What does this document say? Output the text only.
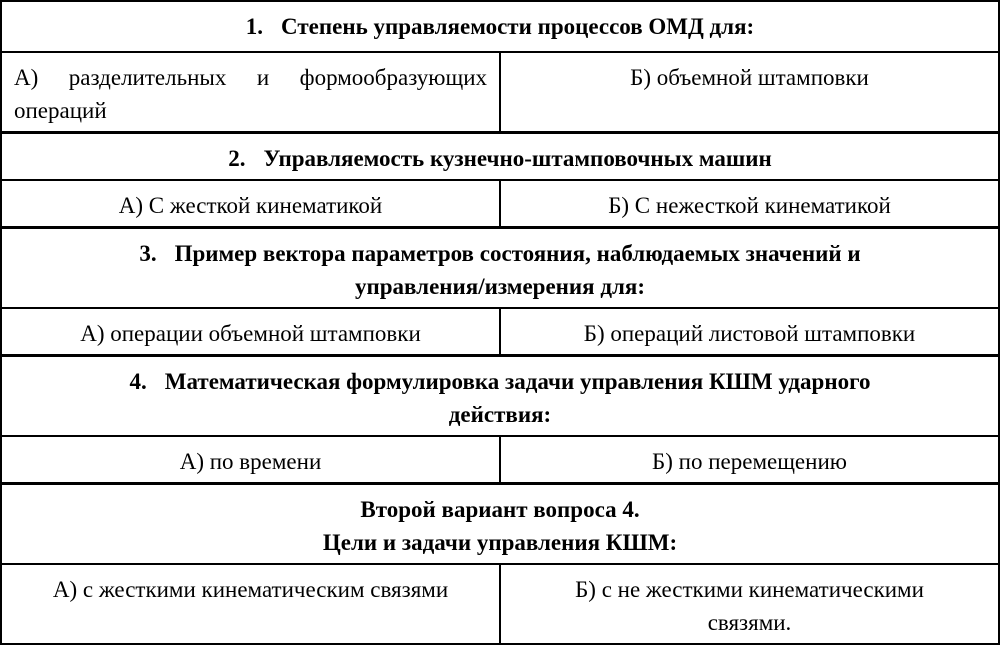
1. Степень управляемости процессов ОМД для:	

А) разделительных и формообразующих
операций	Б) объемной штамповки

2. Управляемость кузнечно-штамповочных машин	

А) С жесткой кинематикой	Б) С нежесткой кинематикой

3. Пример вектора параметров состояния, наблюдаемых значений и
управления/измерения для:	

А) операции объемной штамповки	Б) операций листовой штамповки

4. Математическая формулировка задачи управления КШМ ударного
действия:	

А) по времени	Б) по перемещению

Второй вариант вопроса 4.
Цели и задачи управления КШМ:	

А) с жесткими кинематическим связями	Б) с не жесткими кинематическими
связями.
